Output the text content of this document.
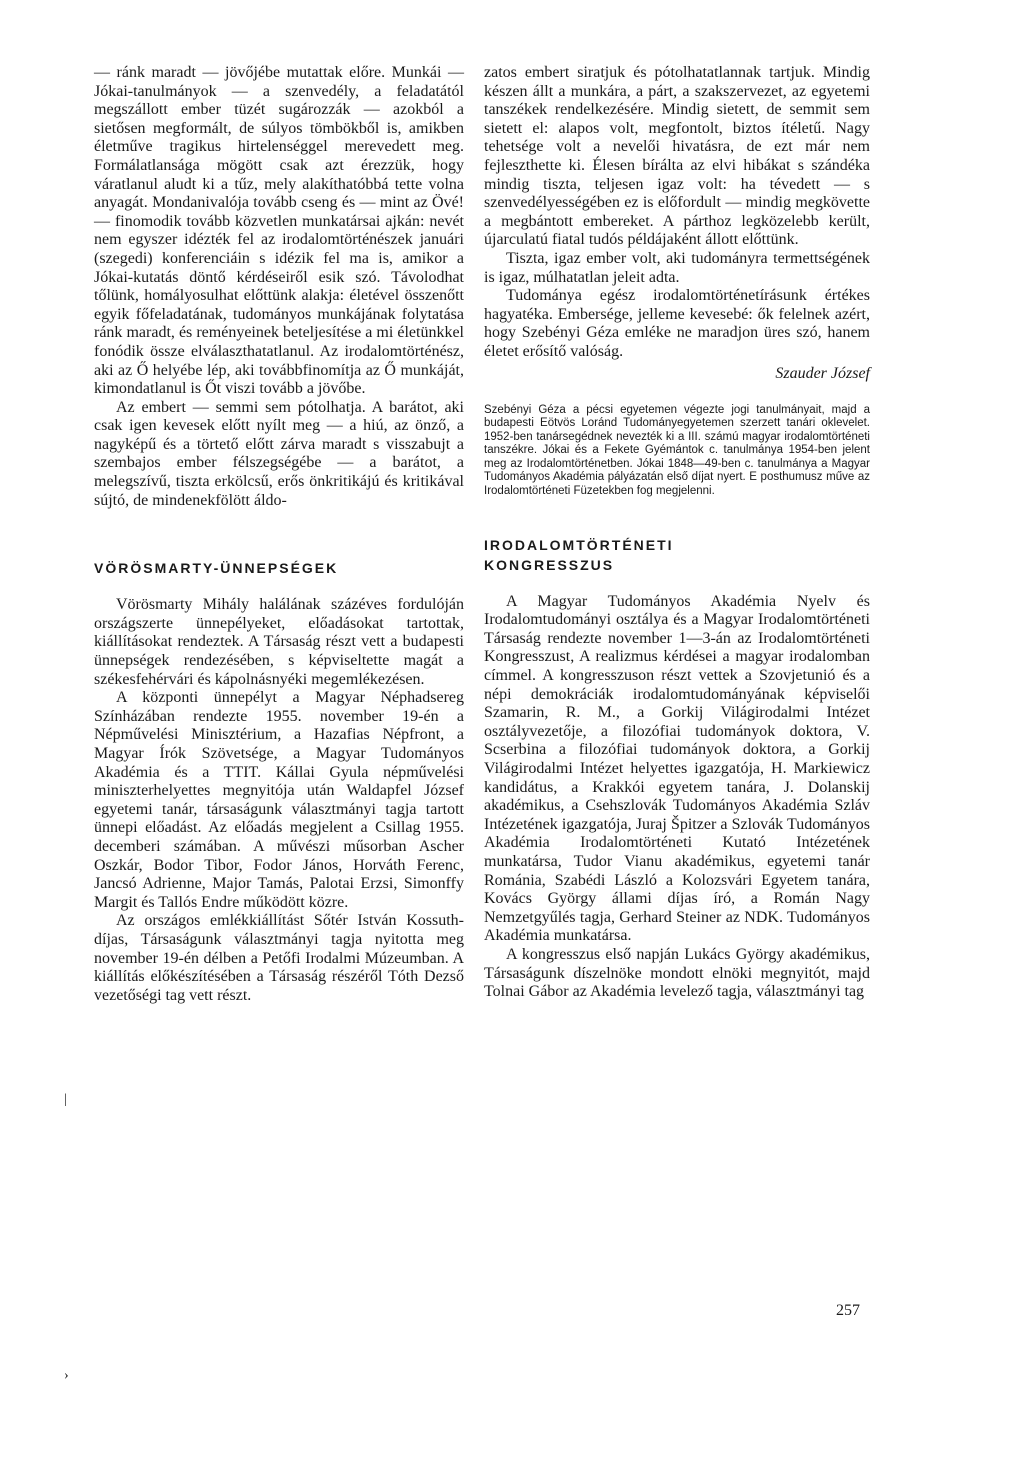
— ránk maradt — jövőjébe mutattak előre. Munkái — Jókai-tanulmányok — a szenvedély, a feladatától megszállott ember tüzét sugározzák — azokból a sietősen megformált, de súlyos tömbökből is, amikben életműve tragikus hirtelenséggel merevedett meg. Formálatlansága mögött csak azt érezzük, hogy váratlanul aludt ki a tűz, mely alakíthatóbbá tette volna anyagát. Mondanivalója tovább cseng és — mint az Övé! — finomodik tovább közvetlen munkatársai ajkán: nevét nem egyszer idézték fel az irodalomtörténészek januári (szegedi) konferenciáin s idézik fel ma is, amikor a Jókai-kutatás döntő kérdéseiről esik szó. Távolodhat tőlünk, homályosulhat előttünk alakja: életével összenőtt egyik főfeladatának, tudományos munkájának folytatása ránk maradt, és reményeinek beteljesítése a mi életünkkel fonódik össze elválaszthatatlanul. Az irodalomtörténész, aki az Ő helyébe lép, aki továbbfinomítja az Ő munkáját, kimondatlanul is Őt viszi tovább a jövőbe.

Az embert — semmi sem pótolhatja. A barátot, aki csak igen kevesek előtt nyílt meg — a hiú, az önző, a nagyképű és a törtető előtt zárva maradt s visszabujt a szembajos ember félszegségébe — a barátot, a melegszívű, tiszta erkölcsű, erős önkritikájú és kritikával sújtó, de mindenekfölött áldo-

VÖRÖSMARTY-ÜNNEPSÉGEK

Vörösmarty Mihály halálának százéves fordulóján országszerte ünnepélyeket, előadásokat tartottak, kiállításokat rendeztek. A Társaság részt vett a budapesti ünnepségek rendezésében, s képviseltette magát a székesfehérvári és kápolnásnyéki megemlékezésen.

A központi ünnepélyt a Magyar Néphadsereg Színházában rendezte 1955. november 19-én a Népművelési Minisztérium, a Hazafias Népfront, a Magyar Írók Szövetsége, a Magyar Tudományos Akadémia és a TTIT. Kállai Gyula népművelési miniszterhelyettes megnyitója után Waldapfel József egyetemi tanár, társaságunk választmányi tagja tartott ünnepi előadást. Az előadás megjelent a Csillag 1955. decemberi számában. A művészi műsorban Ascher Oszkár, Bodor Tibor, Fodor János, Horváth Ferenc, Jancsó Adrienne, Major Tamás, Palotai Erzsi, Simonffy Margit és Tallós Endre működött közre.

Az országos emlékkiállítást Sőtér István Kossuth-díjas, Társaságunk választmányi tagja nyitotta meg november 19-én délben a Petőfi Irodalmi Múzeumban. A kiállítás előkészítésében a Társaság részéről Tóth Dezső vezetőségi tag vett részt.

zatos embert siratjuk és pótolhatatlannak tartjuk. Mindig készen állt a munkára, a párt, a szakszervezet, az egyetemi tanszékek rendelkezésére. Mindig sietett, de semmit sem sietett el: alapos volt, megfontolt, biztos ítéletű. Nagy tehetsége volt a nevelői hivatásra, de ezt már nem fejleszthette ki. Élesen bírálta az elvi hibákat s szándéka mindig tiszta, teljesen igaz volt: ha tévedett — s szenvedélyességében ez is előfordult — mindig megkövette a megbántott embereket. A párthoz legközelebb került, újarculatú fiatal tudós példájaként állott előttünk.

Tiszta, igaz ember volt, aki tudományra termettségének is igaz, múlhatatlan jeleit adta.

Tudománya egész irodalomtörténetírásunk értékes hagyatéka. Embersége, jelleme kevesebé: ők felelnek azért, hogy Szebényi Géza emléke ne maradjon üres szó, hanem életet erősítő valóság.

Szauder József
Szebényi Géza a pécsi egyetemen végezte jogi tanulmányait, majd a budapesti Eötvös Loránd Tudományegyetemen szerzett tanári oklevelet. 1952-ben tanársegédnek nevezték ki a III. számú magyar irodalomtörténeti tanszékre. Jókai és a Fekete Gyémántok c. tanulmánya 1954-ben jelent meg az Irodalomtörténetben. Jókai 1848—49-ben c. tanulmánya a Magyar Tudományos Akadémia pályázatán első díjat nyert. E posthumusz műve az Irodalomtörténeti Füzetekben fog megjelenni.
IRODALOMTÖRTÉNETI
KONGRESSZUS

A Magyar Tudományos Akadémia Nyelv és Irodalomtudományi osztálya és a Magyar Irodalomtörténeti Társaság rendezte november 1—3-án az Irodalomtörténeti Kongresszust, A realizmus kérdései a magyar irodalomban címmel. A kongresszuson részt vettek a Szovjetunió és a népi demokráciák irodalomtudományának képviselői Szamarin, R. M., a Gorkij Világirodalmi Intézet osztályvezetője, a filozófiai tudományok doktora, V. Scserbina a filozófiai tudományok doktora, a Gorkij Világirodalmi Intézet helyettes igazgatója, H. Markiewicz kandidátus, a Krakkói egyetem tanára, J. Dolanskij akadémikus, a Csehszlovák Tudományos Akadémia Szláv Intézetének igazgatója, Juraj Špitzer a Szlovák Tudományos Akadémia Irodalomtörténeti Kutató Intézetének munkatársa, Tudor Vianu akadémikus, egyetemi tanár Románia, Szabédi László a Kolozsvári Egyetem tanára, Kovács György állami díjas író, a Román Nagy Nemzetgyűlés tagja, Gerhard Steiner az NDK. Tudományos Akadémia munkatársa.

A kongresszus első napján Lukács György akadémikus, Társaságunk díszelnöke mondott elnöki megnyitót, majd Tolnai Gábor az Akadémia levelező tagja, választmányi tag

257
|
›
